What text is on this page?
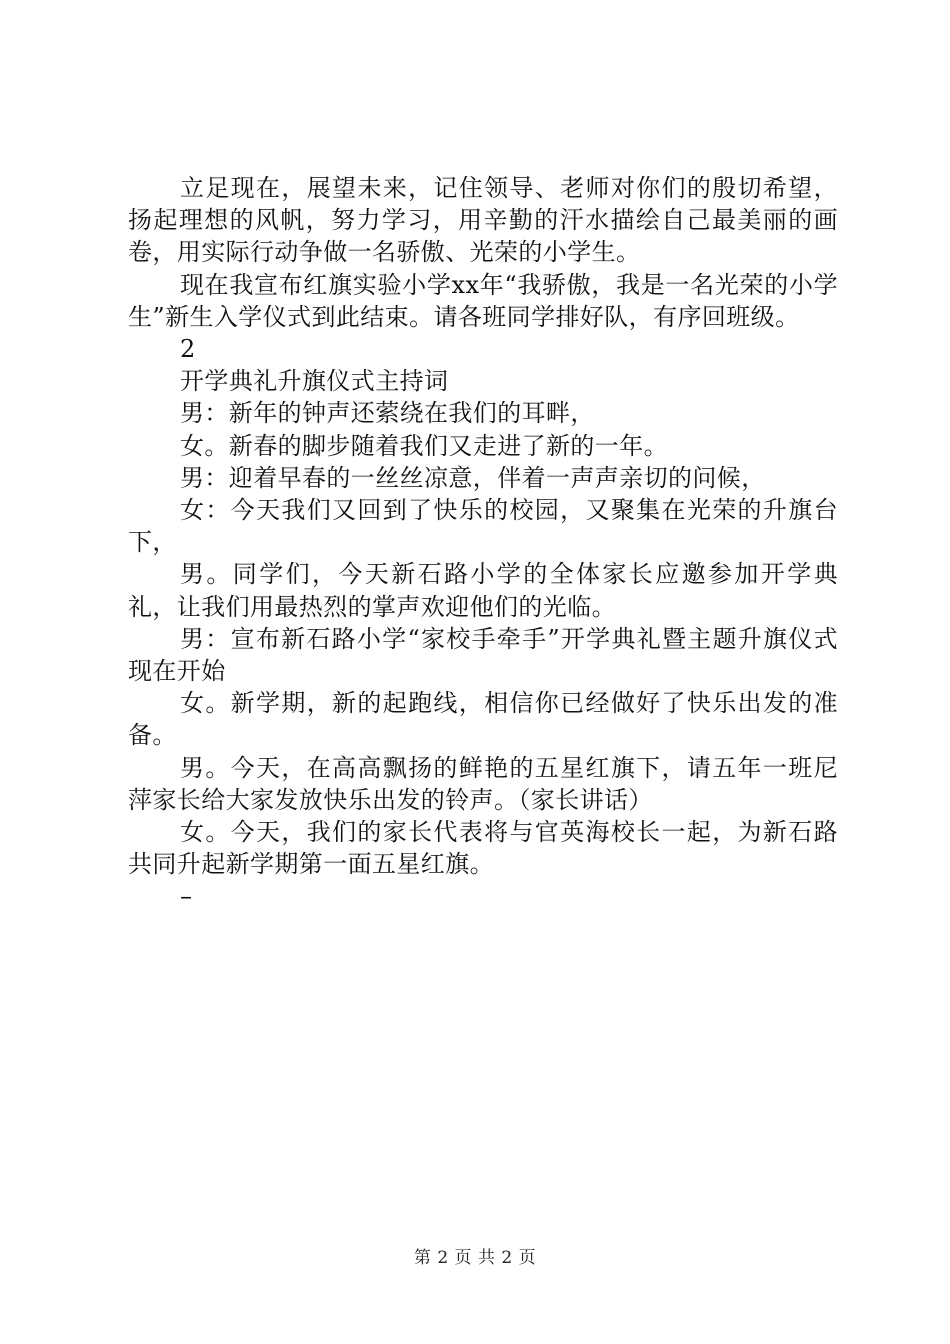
立足现在，展望未来，记住领导、老师对你们的殷切希望，扬起理想的风帆，努力学习，用辛勤的汗水描绘自己最美丽的画卷，用实际行动争做一名骄傲、光荣的小学生。

现在我宣布红旗实验小学xx年“我骄傲，我是一名光荣的小学生”新生入学仪式到此结束。请各班同学排好队，有序回班级。

2

开学典礼升旗仪式主持词

男：新年的钟声还萦绕在我们的耳畔，

女。新春的脚步随着我们又走进了新的一年。

男：迎着早春的一丝丝凉意，伴着一声声亲切的问候，

女：今天我们又回到了快乐的校园，又聚集在光荣的升旗台下，

男。同学们，今天新石路小学的全体家长应邀参加开学典礼，让我们用最热烈的掌声欢迎他们的光临。

男：宣布新石路小学“家校手牵手”开学典礼暨主题升旗仪式现在开始

女。新学期，新的起跑线，相信你已经做好了快乐出发的准备。

男。今天，在高高飘扬的鲜艳的五星红旗下，请五年一班尼萍家长给大家发放快乐出发的铃声。（家长讲话）

女。今天，我们的家长代表将与官英海校长一起，为新石路共同升起新学期第一面五星红旗。

–

第 2 页 共 2 页
